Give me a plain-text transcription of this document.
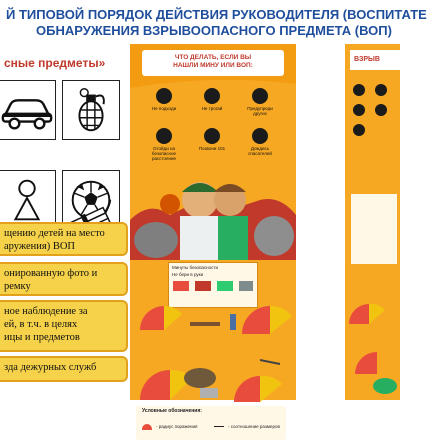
Й ТИПОВОЙ ПОРЯДОК ДЕЙСТВИЯ РУКОВОДИТЕЛЯ (ВОСПИТАТЕ
ОБНАРУЖЕНИЯ ВЗРЫВООПАСНОГО ПРЕДМЕТА (ВОП)
сные предметы»
щению детей на место
аружения) ВОП
онированную фото и
ремку
ное наблюдение за
ей, в т.ч. в целях
ицы и предметов
зда дежурных служб
ЧТО ДЕЛАТЬ, ЕСЛИ ВЫ
НАШЛИ МИНУ ИЛИ ВОП:
Не подходи	Не трогай	Предупреди других
Отойди на безопасное расстояние
Позвони 101	Дождись спасателей
Минуты безопасности
Не бери в руки
Условные обозначения:
- радиус поражения	- соотношение размеров
ВЗРЫВ
